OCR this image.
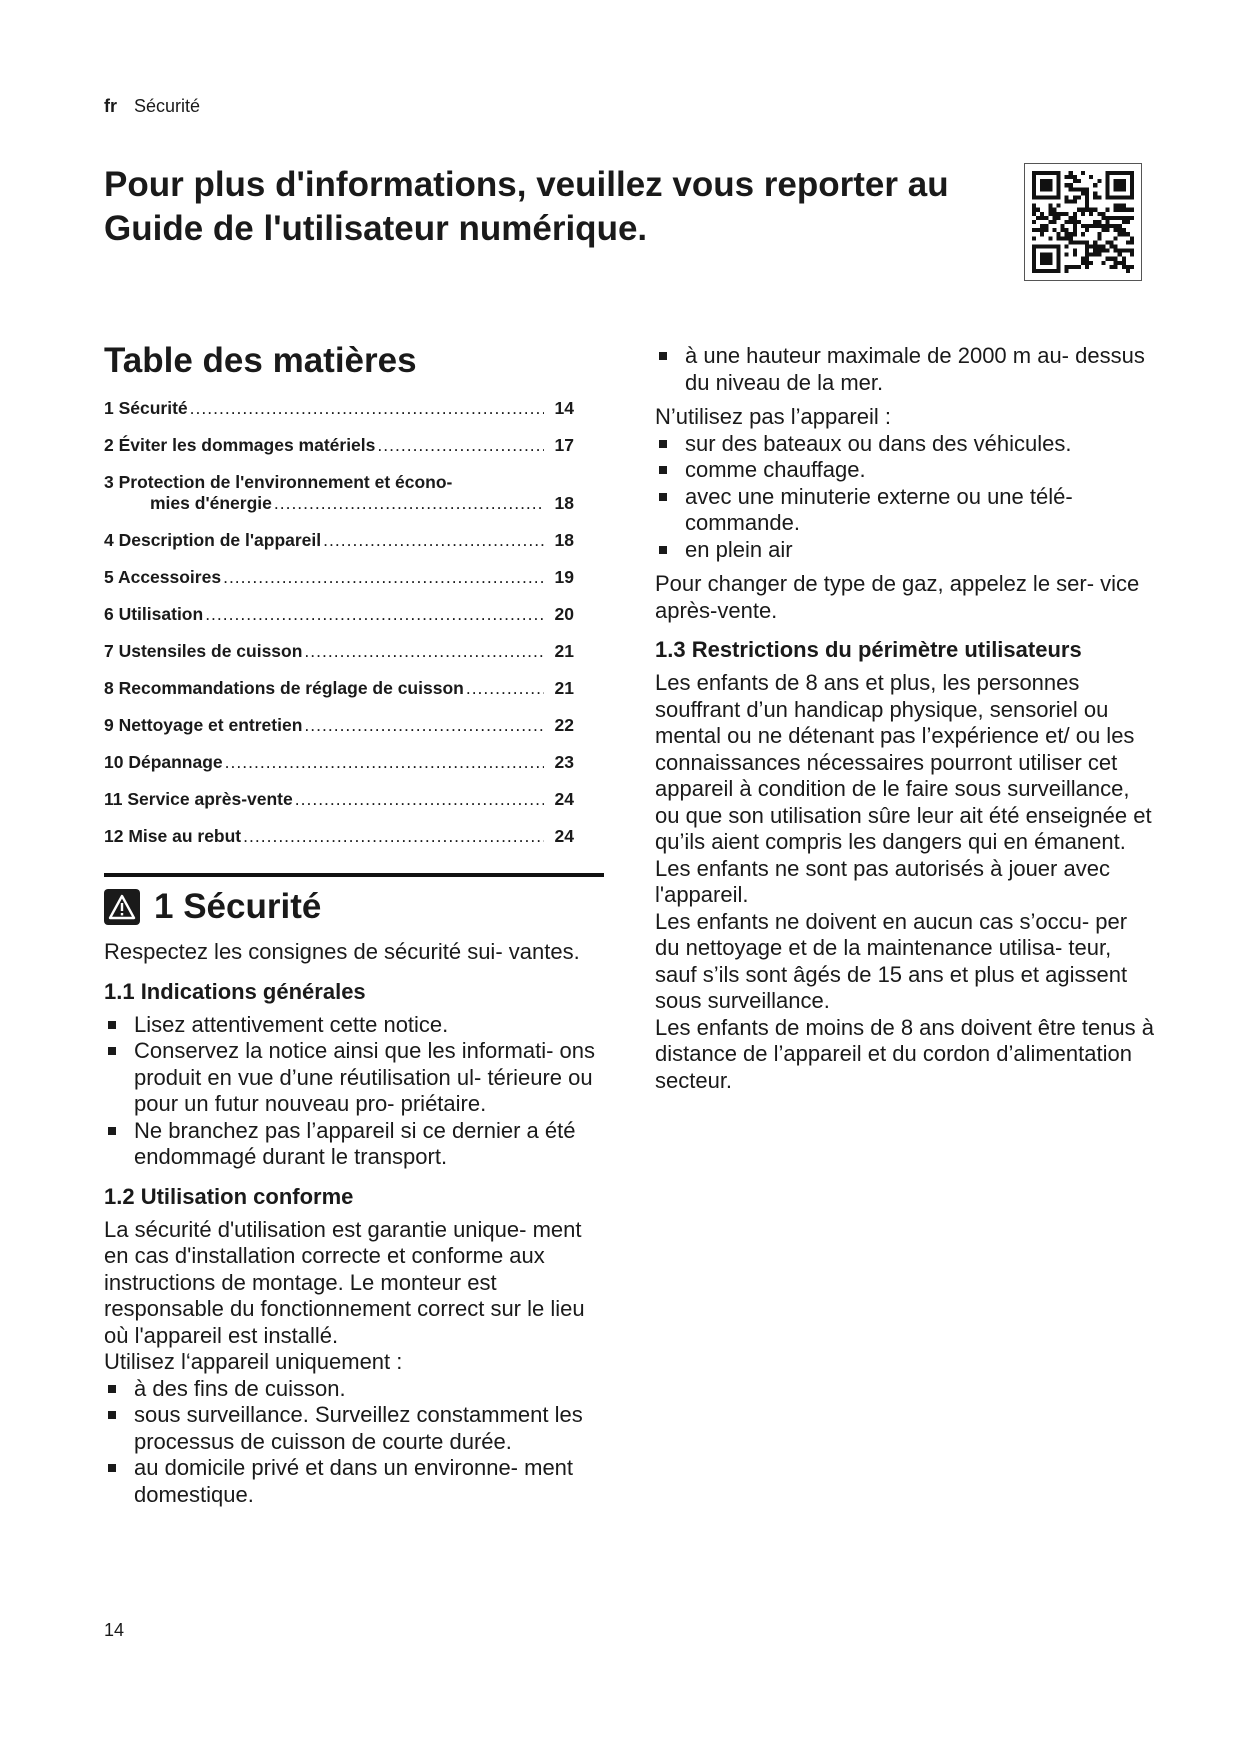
fr Sécurité
Pour plus d'informations, veuillez vous reporter au
Guide de l'utilisateur numérique.
Table des matières
1 Sécurité .....	14
2 Éviter les dommages matériels .....	17
3 Protection de l'environnement et écono-
mies d'énergie .....	18
4 Description de l'appareil .....	18
5 Accessoires .....	19
6 Utilisation .....	20
7 Ustensiles de cuisson .....	21
8 Recommandations de réglage de cuisson .....	21
9 Nettoyage et entretien .....	22
10 Dépannage .....	23
11 Service après-vente .....	24
12 Mise au rebut .....	24
1 Sécurité

Respectez les consignes de sécurité sui- vantes.

1.1 Indications générales
Lisez attentivement cette notice.
Conservez la notice ainsi que les informati- ons produit en vue d’une réutilisation ul- térieure ou pour un futur nouveau pro- priétaire.
Ne branchez pas l’appareil si ce dernier a été endommagé durant le transport.
1.2 Utilisation conforme

La sécurité d'utilisation est garantie unique- ment en cas d'installation correcte et conforme aux instructions de montage. Le monteur est responsable du fonctionnement correct sur le lieu où l'appareil est installé.

Utilisez l‘appareil uniquement :

à des fins de cuisson.
sous surveillance. Surveillez constamment les processus de cuisson de courte durée.
au domicile privé et dans un environne- ment domestique.
à une hauteur maximale de 2000 m au- dessus du niveau de la mer.

N’utilisez pas l’appareil :

sur des bateaux ou dans des véhicules.
comme chauffage.
avec une minuterie externe ou une télé- commande.
en plein air

Pour changer de type de gaz, appelez le ser- vice après-vente.

1.3 Restrictions du périmètre utilisateurs

Les enfants de 8 ans et plus, les personnes souffrant d’un handicap physique, sensoriel ou mental ou ne détenant pas l’expérience et/ ou les connaissances nécessaires pourront utiliser cet appareil à condition de le faire sous surveillance, ou que son utilisation sûre leur ait été enseignée et qu’ils aient compris les dangers qui en émanent.

Les enfants ne sont pas autorisés à jouer avec l'appareil.

Les enfants ne doivent en aucun cas s’occu- per du nettoyage et de la maintenance utilisa- teur, sauf s’ils sont âgés de 15 ans et plus et agissent sous surveillance.

Les enfants de moins de 8 ans doivent être tenus à distance de l’appareil et du cordon d’alimentation secteur.

14
